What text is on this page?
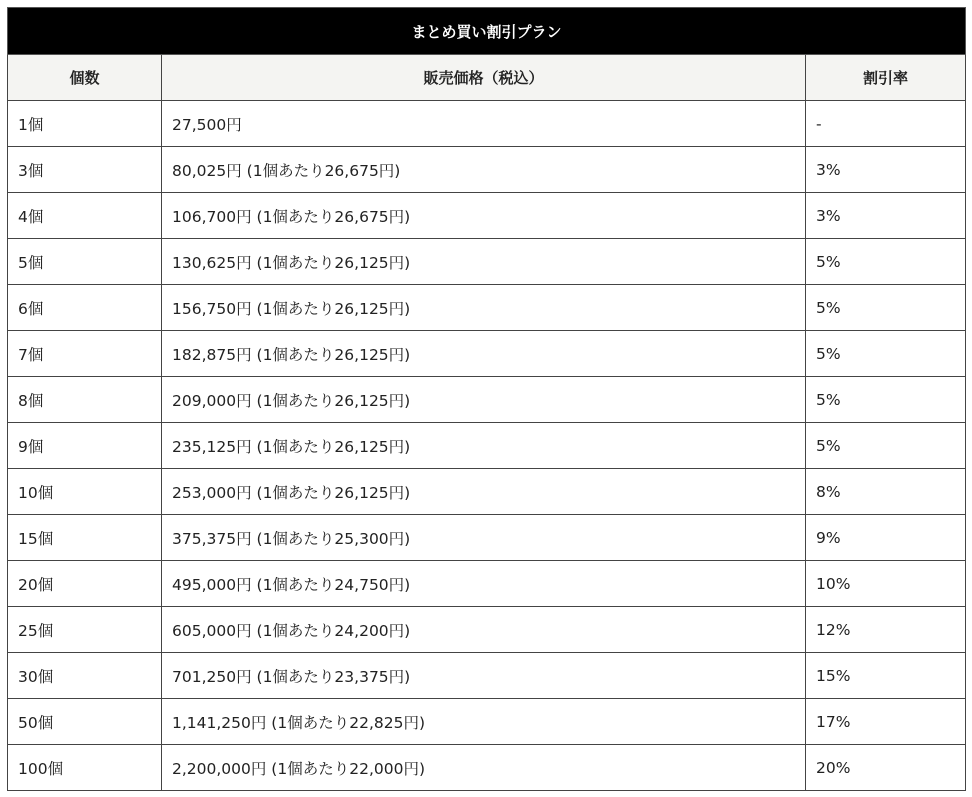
まとめ買い割引プラン		
個数	販売価格（税込）	割引率
1個	27,500円	-
3個	80,025円 (1個あたり26,675円)	3%
4個	106,700円 (1個あたり26,675円)	3%
5個	130,625円 (1個あたり26,125円)	5%
6個	156,750円 (1個あたり26,125円)	5%
7個	182,875円 (1個あたり26,125円)	5%
8個	209,000円 (1個あたり26,125円)	5%
9個	235,125円 (1個あたり26,125円)	5%
10個	253,000円 (1個あたり26,125円)	8%
15個	375,375円 (1個あたり25,300円)	9%
20個	495,000円 (1個あたり24,750円)	10%
25個	605,000円 (1個あたり24,200円)	12%
30個	701,250円 (1個あたり23,375円)	15%
50個	1,141,250円 (1個あたり22,825円)	17%
100個	2,200,000円 (1個あたり22,000円)	20%
